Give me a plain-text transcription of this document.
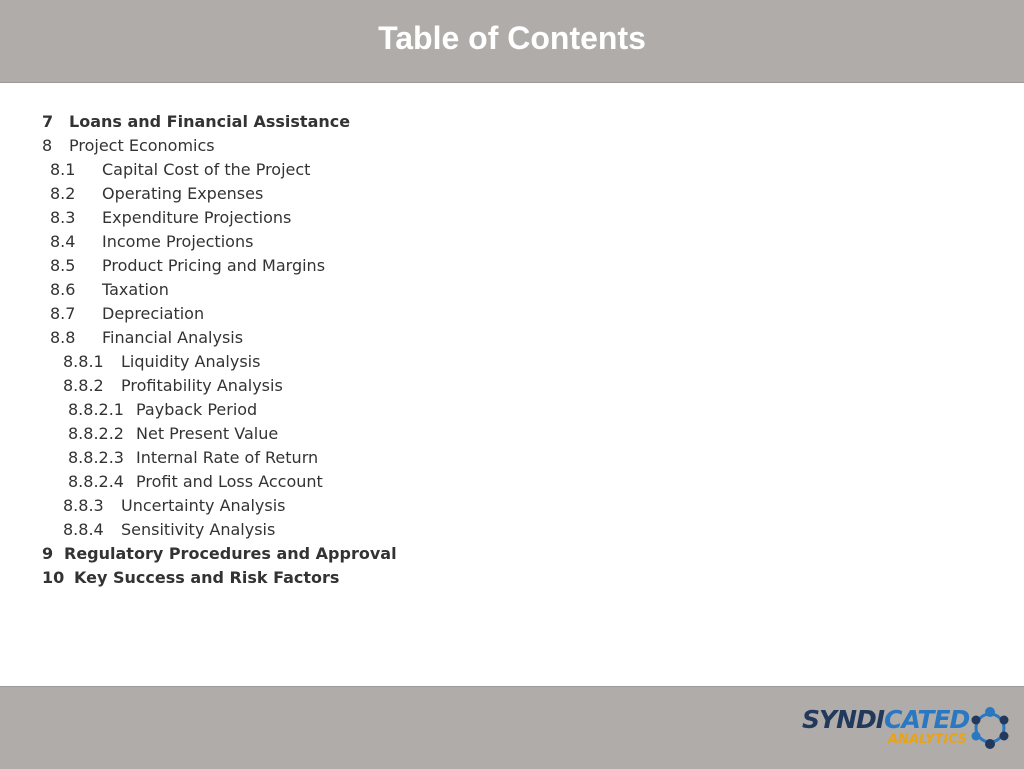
Table of Contents
7 Loans and Financial Assistance
8 Project Economics
8.1 Capital Cost of the Project
8.2 Operating Expenses
8.3 Expenditure Projections
8.4 Income Projections
8.5 Product Pricing and Margins
8.6 Taxation
8.7 Depreciation
8.8 Financial Analysis
8.8.1 Liquidity Analysis
8.8.2 Profitability Analysis
8.8.2.1 Payback Period
8.8.2.2 Net Present Value
8.8.2.3 Internal Rate of Return
8.8.2.4 Profit and Loss Account
8.8.3 Uncertainty Analysis
8.8.4 Sensitivity Analysis
9 Regulatory Procedures and Approval
10 Key Success and Risk Factors
SYNDICATED
ANALYTICS
